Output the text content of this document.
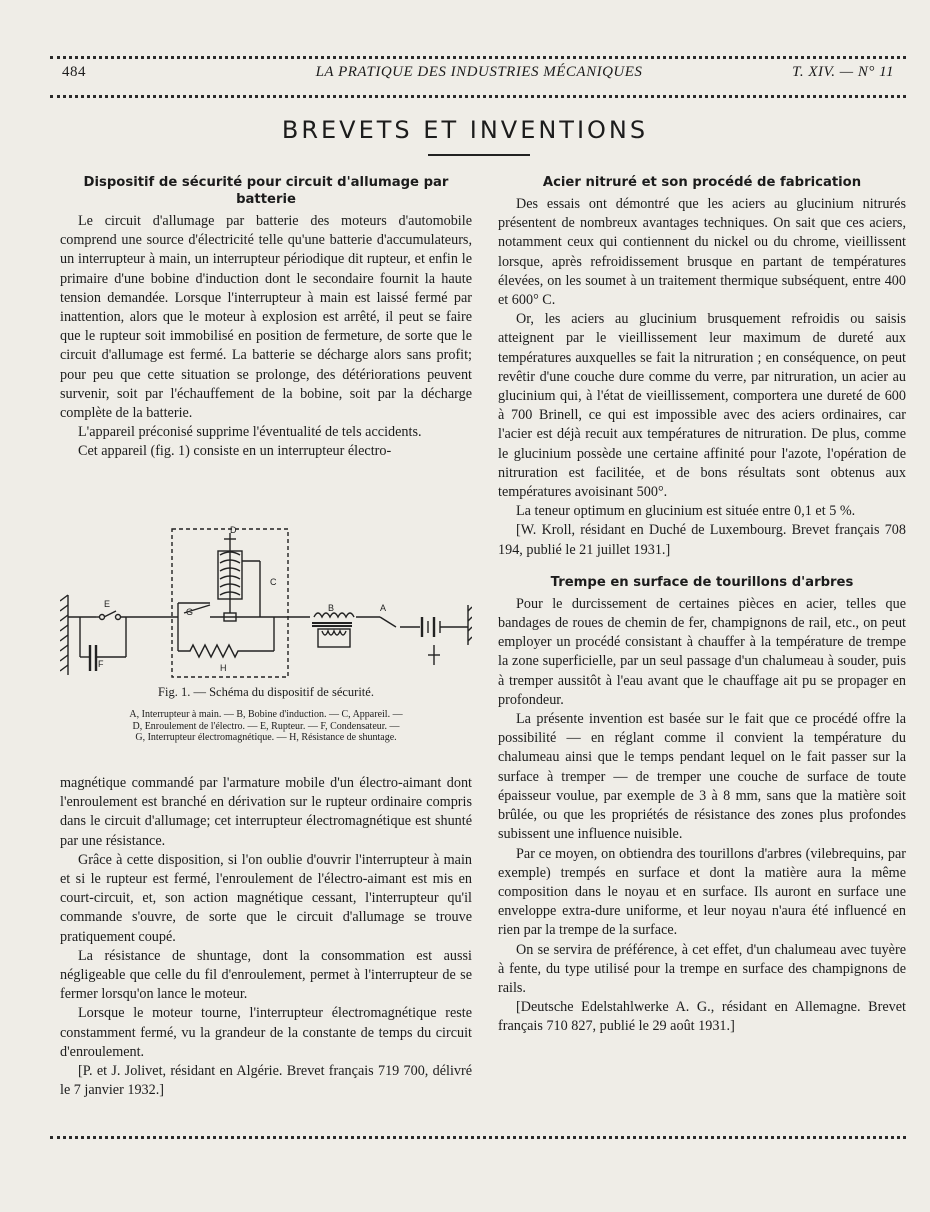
484	LA PRATIQUE DES INDUSTRIES MÉCANIQUES	T. XIV. — N° 11
BREVETS ET INVENTIONS
Dispositif de sécurité pour circuit d'allumage par batterie

Le circuit d'allumage par batterie des moteurs d'automobile comprend une source d'électricité telle qu'une batterie d'accumulateurs, un interrupteur à main, un interrupteur périodique dit rupteur, et enfin le primaire d'une bobine d'induction dont le secondaire fournit la haute tension demandée. Lorsque l'interrupteur à main est laissé fermé par inattention, alors que le moteur à explosion est arrêté, il peut se faire que le rupteur soit immobilisé en position de fermeture, de sorte que le circuit d'allumage est fermé. La batterie se décharge alors sans profit; pour peu que cette situation se prolonge, des détériorations peuvent survenir, soit par l'échauffement de la bobine, soit par la décharge complète de la batterie.

L'appareil préconisé supprime l'éventualité de tels accidents.

Cet appareil (fig. 1) consiste en un interrupteur électro-

D
C
E
F
G
H
B	A
Fig. 1. — Schéma du dispositif de sécurité.
A, Interrupteur à main. — B, Bobine d'induction. — C, Appareil. —
D, Enroulement de l'électro. — E, Rupteur. — F, Condensateur. —
G, Interrupteur électromagnétique. — H, Résistance de shuntage.

magnétique commandé par l'armature mobile d'un électro-aimant dont l'enroulement est branché en dérivation sur le rupteur ordinaire compris dans le circuit d'allumage; cet interrupteur électromagnétique est shunté par une résistance.

Grâce à cette disposition, si l'on oublie d'ouvrir l'interrupteur à main et si le rupteur est fermé, l'enroulement de l'électro-aimant est mis en court-circuit, et, son action magnétique cessant, l'interrupteur qu'il commande s'ouvre, de sorte que le circuit d'allumage se trouve pratiquement coupé.

La résistance de shuntage, dont la consommation est aussi négligeable que celle du fil d'enroulement, permet à l'interrupteur de se fermer lorsqu'on lance le moteur.

Lorsque le moteur tourne, l'interrupteur électromagnétique reste constamment fermé, vu la grandeur de la constante de temps du circuit d'enroulement.

[P. et J. Jolivet, résidant en Algérie. Brevet français 719 700, délivré le 7 janvier 1932.]

Acier nitruré et son procédé de fabrication

Des essais ont démontré que les aciers au glucinium nitrurés présentent de nombreux avantages techniques. On sait que ces aciers, notamment ceux qui contiennent du nickel ou du chrome, vieillissent lorsque, après refroidissement brusque en partant de températures élevées, on les soumet à un traitement thermique subséquent, entre 400 et 600° C.

Or, les aciers au glucinium brusquement refroidis ou saisis atteignent par le vieillissement leur maximum de dureté aux températures auxquelles se fait la nitruration ; en conséquence, on peut revêtir d'une couche dure comme du verre, par nitruration, un acier au glucinium qui, à l'état de vieillissement, comportera une dureté de 600 à 700 Brinell, ce qui est impossible avec des aciers ordinaires, car l'acier est déjà recuit aux températures de nitruration. De plus, comme le glucinium possède une certaine affinité pour l'azote, l'opération de nitruration est facilitée, et de bons résultats sont obtenus aux températures avoisinant 500°.

La teneur optimum en glucinium est située entre 0,1 et 5 %.

[W. Kroll, résidant en Duché de Luxembourg. Brevet français 708 194, publié le 21 juillet 1931.]

Trempe en surface de tourillons d'arbres

Pour le durcissement de certaines pièces en acier, telles que bandages de roues de chemin de fer, champignons de rail, etc., on peut employer un procédé consistant à chauffer à la température de trempe la zone superficielle, par un seul passage d'un chalumeau à souder, puis à tremper aussitôt à l'eau avant que le chauffage ait pu se propager en profondeur.

La présente invention est basée sur le fait que ce procédé offre la possibilité — en réglant comme il convient la température du chalumeau ainsi que le temps pendant lequel on le fait passer sur la surface à tremper — de tremper une couche de surface de toute épaisseur voulue, par exemple de 3 à 8 mm, sans que la matière soit brûlée, ou que les propriétés de résistance des zones plus profondes subissent une influence nuisible.

Par ce moyen, on obtiendra des tourillons d'arbres (vilebrequins, par exemple) trempés en surface et dont la matière aura la même composition dans le noyau et en surface. Ils auront en surface une enveloppe extra-dure uniforme, et leur noyau n'aura été influencé en rien par la trempe de la surface.

On se servira de préférence, à cet effet, d'un chalumeau avec tuyère à fente, du type utilisé pour la trempe en surface des champignons de rails.

[Deutsche Edelstahlwerke A. G., résidant en Allemagne. Brevet français 710 827, publié le 29 août 1931.]
